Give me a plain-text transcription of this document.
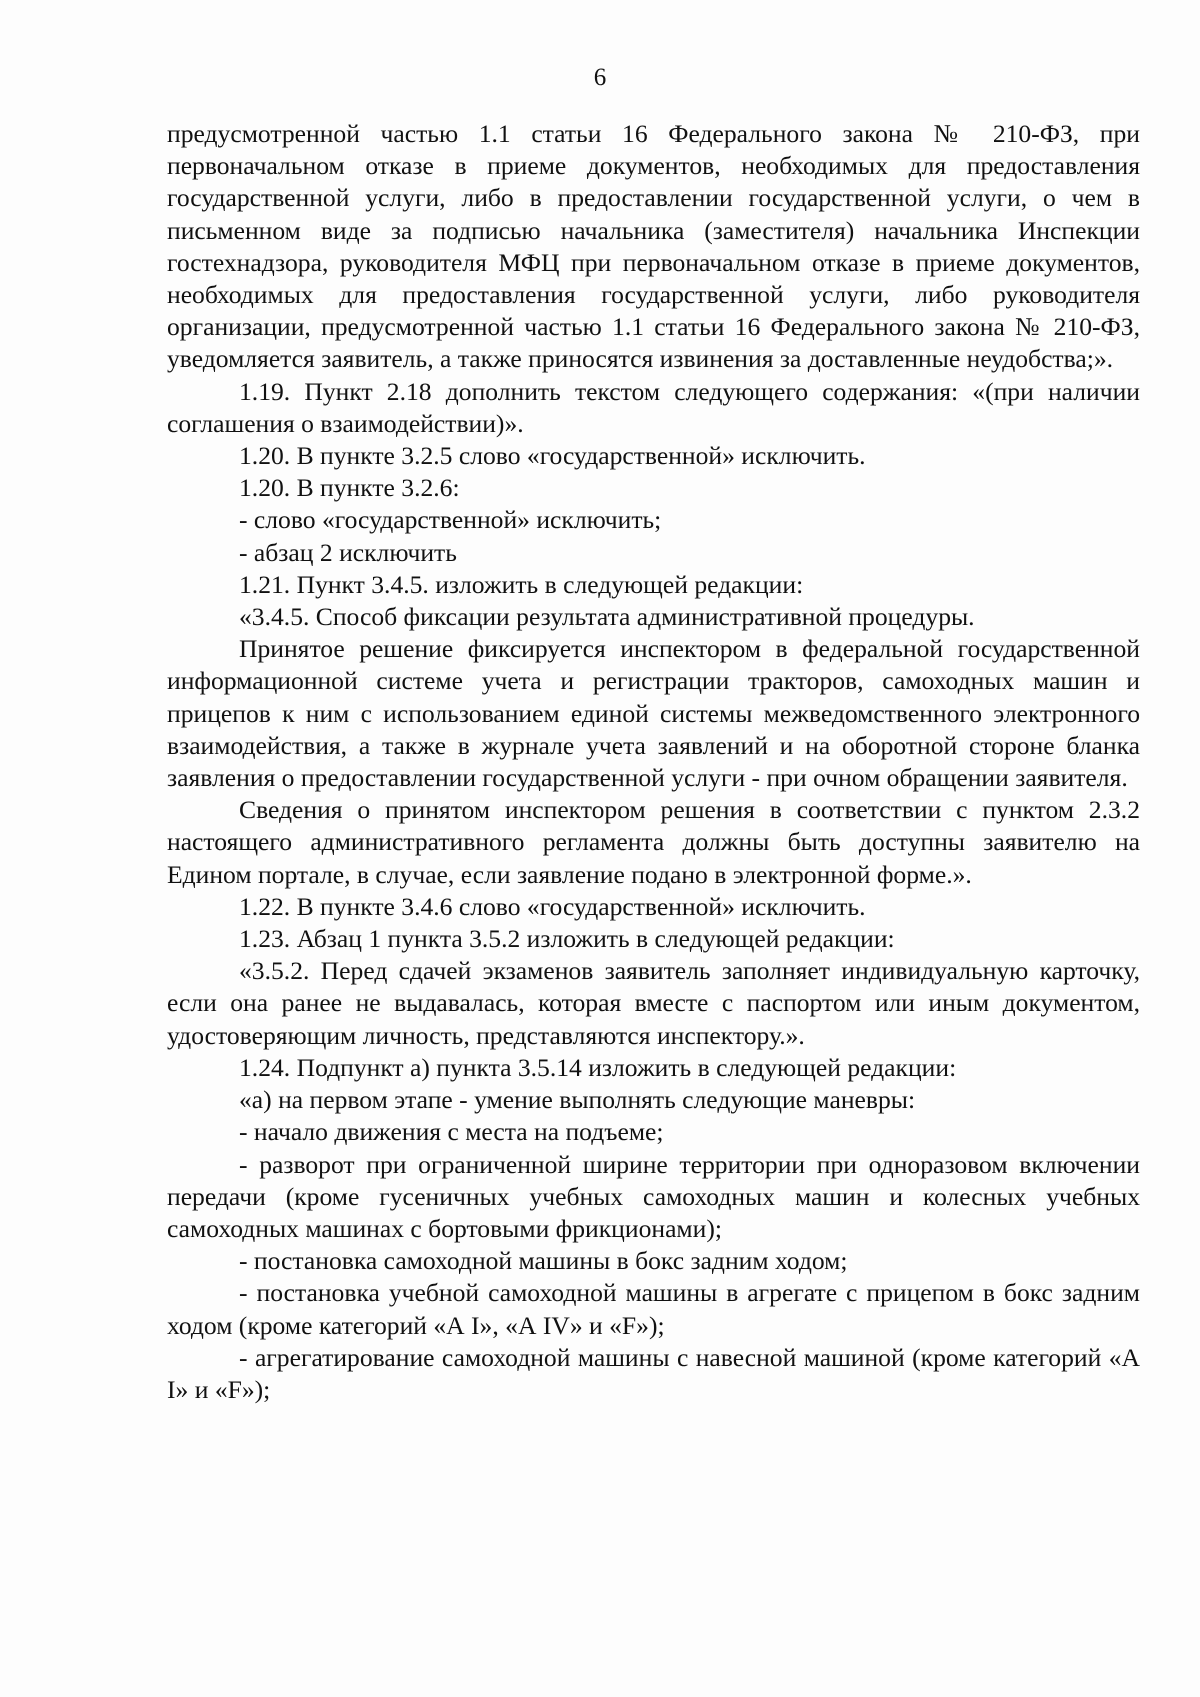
6

предусмотренной частью 1.1 статьи 16 Федерального закона № 210-ФЗ, при первоначальном отказе в приеме документов, необходимых для предоставления государственной услуги, либо в предоставлении государственной услуги, о чем в письменном виде за подписью начальника (заместителя) начальника Инспекции гостехнадзора, руководителя МФЦ при первоначальном отказе в приеме документов, необходимых для предоставления государственной услуги, либо руководителя организации, предусмотренной частью 1.1 статьи 16 Федерального закона № 210-ФЗ, уведомляется заявитель, а также приносятся извинения за доставленные неудобства;».

1.19. Пункт 2.18 дополнить текстом следующего содержания: «(при наличии соглашения о взаимодействии)».

1.20. В пункте 3.2.5 слово «государственной» исключить.

1.20. В пункте 3.2.6:

- слово «государственной» исключить;

- абзац 2 исключить

1.21. Пункт 3.4.5. изложить в следующей редакции:

«3.4.5. Способ фиксации результата административной процедуры.

Принятое решение фиксируется инспектором в федеральной государственной информационной системе учета и регистрации тракторов, самоходных машин и прицепов к ним с использованием единой системы межведомственного электронного взаимодействия, а также в журнале учета заявлений и на оборотной стороне бланка заявления о предоставлении государственной услуги - при очном обращении заявителя.

Сведения о принятом инспектором решения в соответствии с пунктом 2.3.2 настоящего административного регламента должны быть доступны заявителю на Едином портале, в случае, если заявление подано в электронной форме.».

1.22. В пункте 3.4.6 слово «государственной» исключить.

1.23. Абзац 1 пункта 3.5.2 изложить в следующей редакции:

«3.5.2. Перед сдачей экзаменов заявитель заполняет индивидуальную карточку, если она ранее не выдавалась, которая вместе с паспортом или иным документом, удостоверяющим личность, представляются инспектору.».

1.24. Подпункт а) пункта 3.5.14 изложить в следующей редакции:

«а) на первом этапе - умение выполнять следующие маневры:

- начало движения с места на подъеме;

- разворот при ограниченной ширине территории при одноразовом включении передачи (кроме гусеничных учебных самоходных машин и колесных учебных самоходных машинах с бортовыми фрикционами);

- постановка самоходной машины в бокс задним ходом;

- постановка учебной самоходной машины в агрегате с прицепом в бокс задним ходом (кроме категорий «А I», «А IV» и «F»);

- агрегатирование самоходной машины с навесной машиной (кроме категорий «А I» и «F»);
